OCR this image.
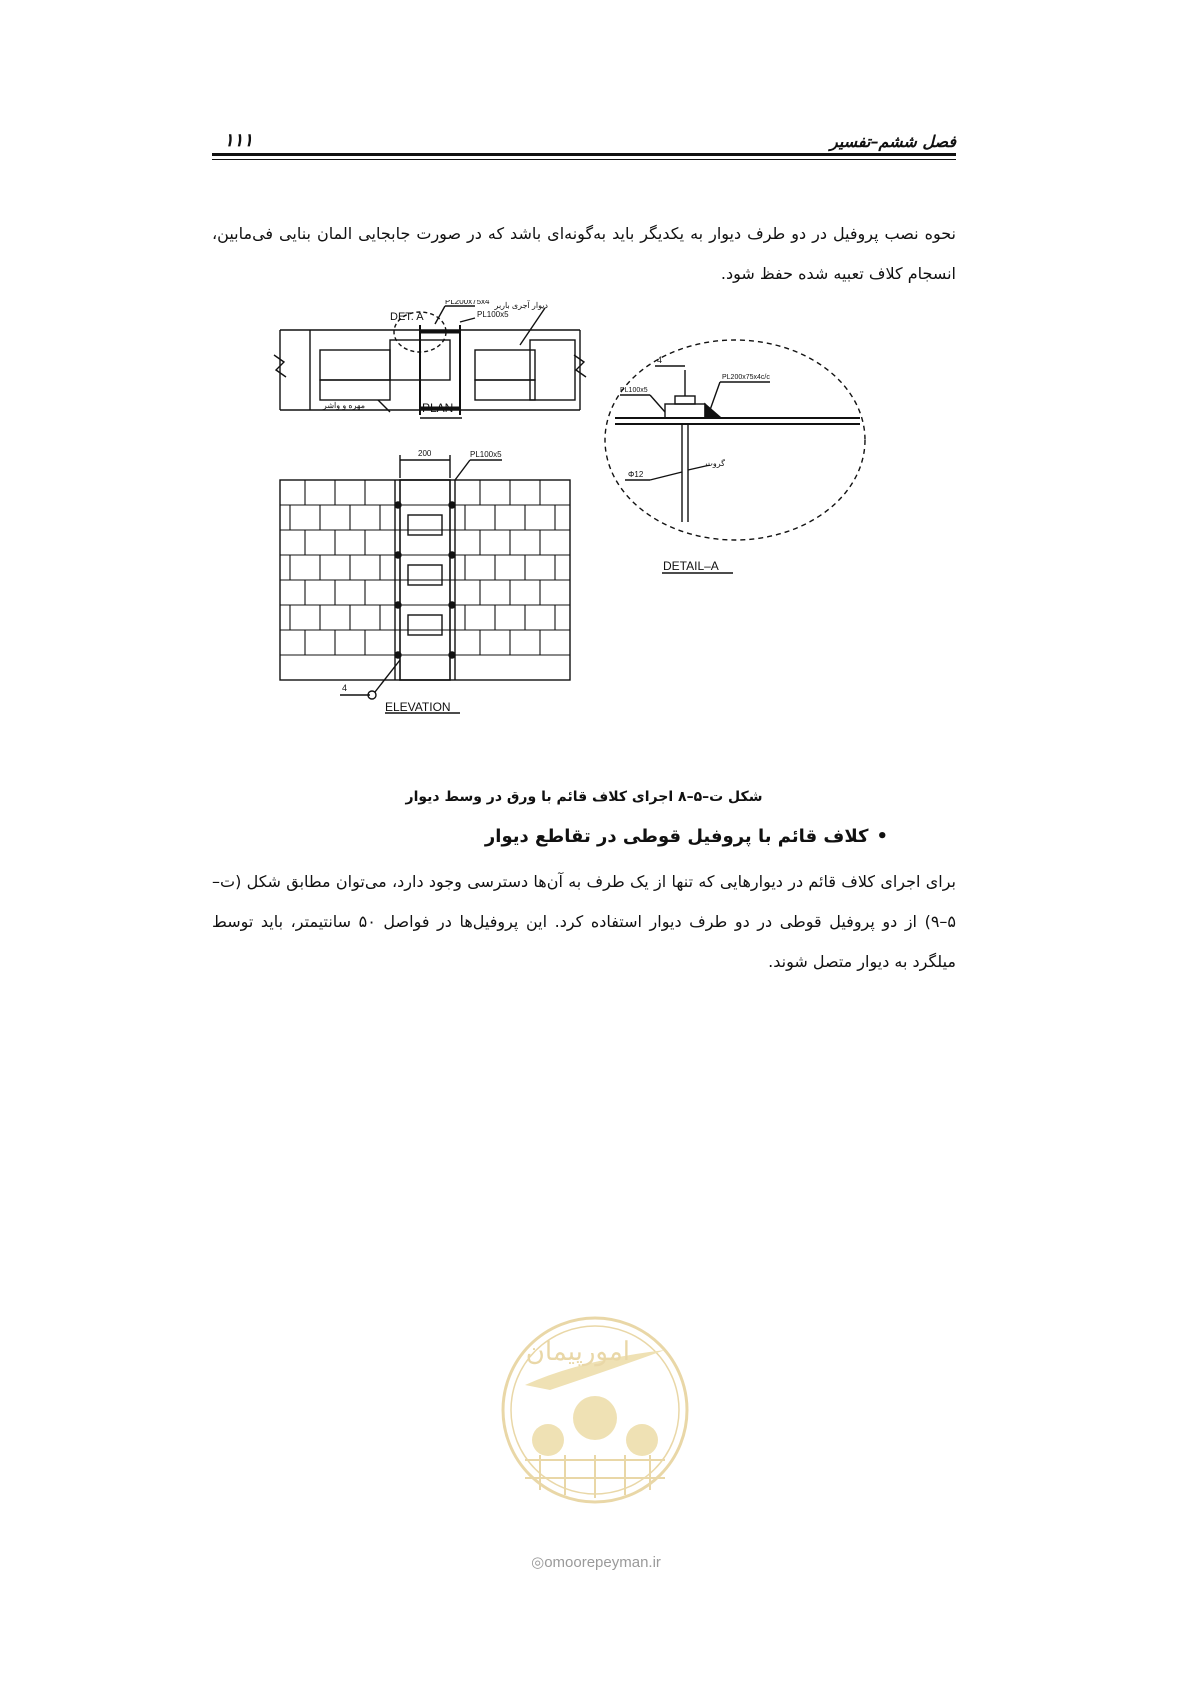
فصل ششم–تفسیر
۱۱۱
نحوه نصب پروفیل در دو طرف دیوار به یکدیگر باید به‌گونه‌ای باشد که در صورت جابجایی المان بنایی فی‌مابین، انسجام کلاف تعبیه شده حفظ شود.
DET. A
PL200x75x4
PL100x5
دیوار آجری باربر
مهره و واشر	PLAN
200	PL100x5
4
ELEVATION
4
PL200x75x4c/c
PL100x5
گروت
Φ12
DETAIL–A
شکل ت–۵–۸ اجرای کلاف قائم با ورق در وسط دیوار
•کلاف قائم با پروفیل قوطی در تقاطع دیوار
برای اجرای کلاف قائم در دیوارهایی که تنها از یک طرف به آن‌ها دسترسی وجود دارد، می‌توان مطابق شکل (ت–۵–۹) از دو پروفیل قوطی در دو طرف دیوار استفاده کرد. این پروفیل‌ها در فواصل ۵۰ سانتیمتر، باید توسط میلگرد به دیوار متصل شوند.
امورپیمان
◎omoorepeyman.ir
